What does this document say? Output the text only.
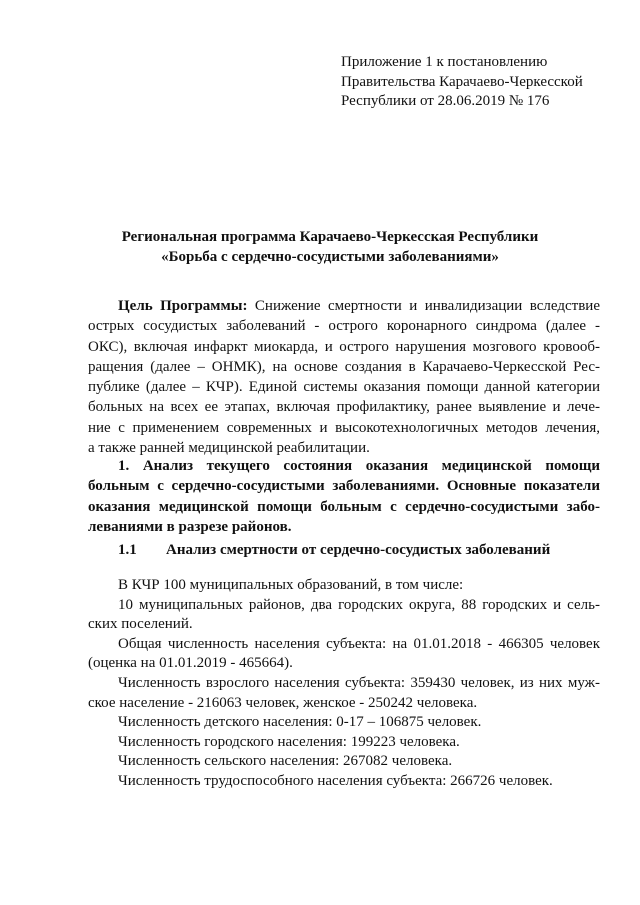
Приложение 1 к постановлению
Правительства Карачаево-Черкесской
Республики от 28.06.2019 № 176
Региональная программа Карачаево-Черкесская Республики
«Борьба с сердечно-сосудистыми заболеваниями»
Цель Программы: Снижение смертности и инвалидизации вследствие
острых сосудистых заболеваний - острого коронарного синдрома (далее -
ОКС), включая инфаркт миокарда, и острого нарушения мозгового кровооб-
ращения (далее – ОНМК), на основе создания в Карачаево-Черкесской Рес-
публике (далее – КЧР). Единой системы оказания помощи данной категории
больных на всех ее этапах, включая профилактику, ранее выявление и лече-
ние с применением современных и высокотехнологичных методов лечения,
а также ранней медицинской реабилитации.
1. Анализ текущего состояния оказания медицинской помощи
больным с сердечно-сосудистыми заболеваниями. Основные показатели
оказания медицинской помощи больным с сердечно-сосудистыми забо-
леваниями в разрезе районов.
1.1 Анализ смертности от сердечно-сосудистых заболеваний
В КЧР 100 муниципальных образований, в том числе:
10 муниципальных районов, два городских округа, 88 городских и сель-
ских поселений.
Общая численность населения субъекта: на 01.01.2018 - 466305 человек
(оценка на 01.01.2019 - 465664).
Численность взрослого населения субъекта: 359430 человек, из них муж-
ское население - 216063 человек, женское - 250242 человека.
Численность детского населения: 0-17 – 106875 человек.
Численность городского населения: 199223 человека.
Численность сельского населения: 267082 человека.
Численность трудоспособного населения субъекта: 266726 человек.
